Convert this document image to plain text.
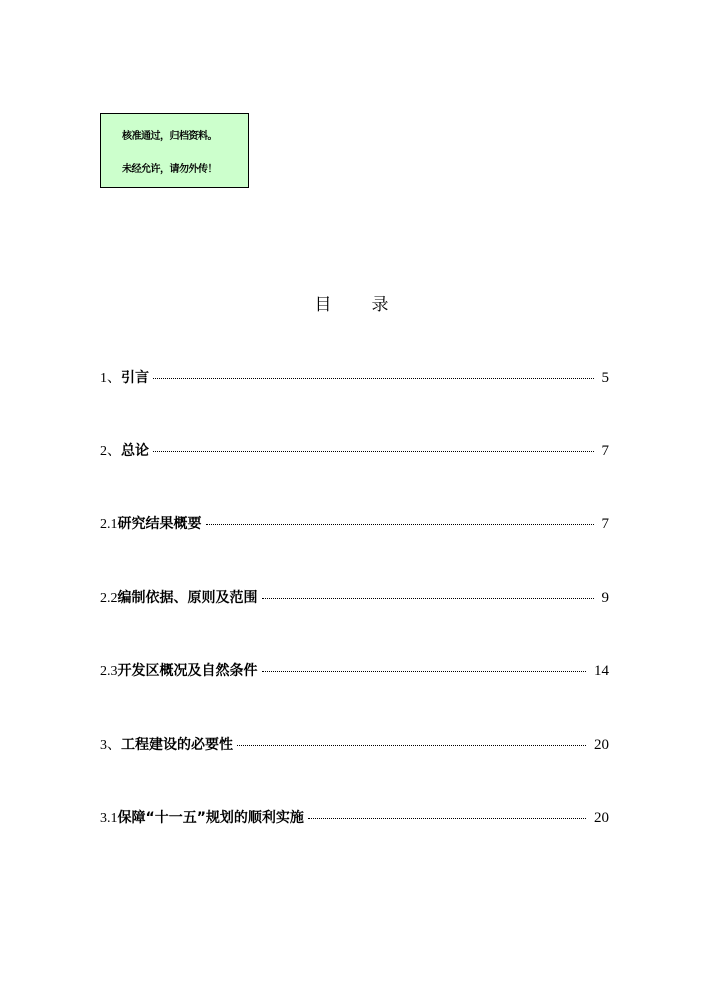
核准通过，归档资料。
未经允许，请勿外传！
目 录
1、 引言	5
2、 总论	7
2.1 研究结果概要	7
2.2 编制依据、原则及范围	9
2.3 开发区概况及自然条件	14
3、 工程建设的必要性	20
3.1 保障“十一五”规划的顺利实施	20
